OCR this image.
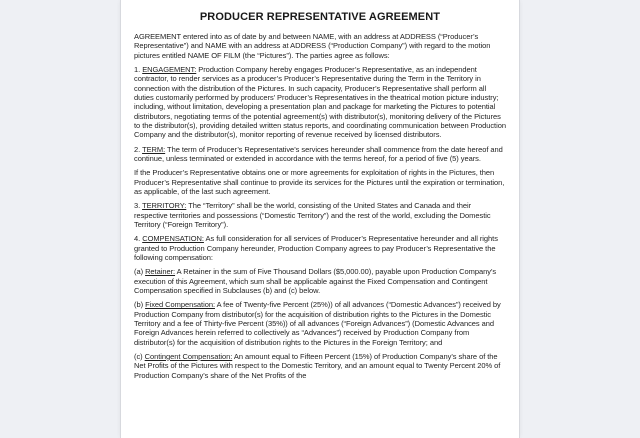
PRODUCER REPRESENTATIVE AGREEMENT

AGREEMENT entered into as of date by and between NAME, with an address at ADDRESS (“Producer’s Representative”) and NAME with an address at ADDRESS (“Production Company”) with regard to the motion pictures entitled NAME OF FILM (the “Pictures”). The parties agree as follows:

1. ENGAGEMENT: Production Company hereby engages Producer’s Representative, as an independent contractor, to render services as a producer’s Producer’s Representative during the Term in the Territory in connection with the distribution of the Pictures. In such capacity, Producer’s Representative shall perform all duties customarily performed by producers’ Producer’s Representatives in the theatrical motion picture industry; including, without limitation, developing a presentation plan and package for marketing the Pictures to potential distributors, negotiating terms of the potential agreement(s) with distributor(s), monitoring delivery of the Pictures to the distributor(s), providing detailed written status reports, and coordinating communication between Production Company and the distributor(s), monitor reporting of revenue received by licensed distributors.

2. TERM: The term of Producer’s Representative’s services hereunder shall commence from the date hereof and continue, unless terminated or extended in accordance with the terms hereof, for a period of five (5) years.

If the Producer’s Representative obtains one or more agreements for exploitation of rights in the Pictures, then Producer’s Representative shall continue to provide its services for the Pictures until the expiration or termination, as applicable, of the last such agreement.

3. TERRITORY: The “Territory” shall be the world, consisting of the United States and Canada and their respective territories and possessions (“Domestic Territory”) and the rest of the world, excluding the Domestic Territory (“Foreign Territory”).

4. COMPENSATION: As full consideration for all services of Producer’s Representative hereunder and all rights granted to Production Company hereunder, Production Company agrees to pay Producer’s Representative the following compensation:

(a) Retainer: A Retainer in the sum of Five Thousand Dollars ($5,000.00), payable upon Production Company’s execution of this Agreement, which sum shall be applicable against the Fixed Compensation and Contingent Compensation specified in Subclauses (b) and (c) below.

(b) Fixed Compensation: A fee of Twenty-five Percent (25%)) of all advances (“Domestic Advances”) received by Production Company from distributor(s) for the acquisition of distribution rights to the Pictures in the Domestic Territory and a fee of Thirty-five Percent (35%)) of all advances (“Foreign Advances”) (Domestic Advances and Foreign Advances herein referred to collectively as “Advances”) received by Production Company from distributor(s) for the acquisition of distribution rights to the Pictures in the Foreign Territory; and

(c) Contingent Compensation: An amount equal to Fifteen Percent (15%) of Production Company’s share of the Net Profits of the Pictures with respect to the Domestic Territory, and an amount equal to Twenty Percent 20% of Production Company’s share of the Net Profits of the
